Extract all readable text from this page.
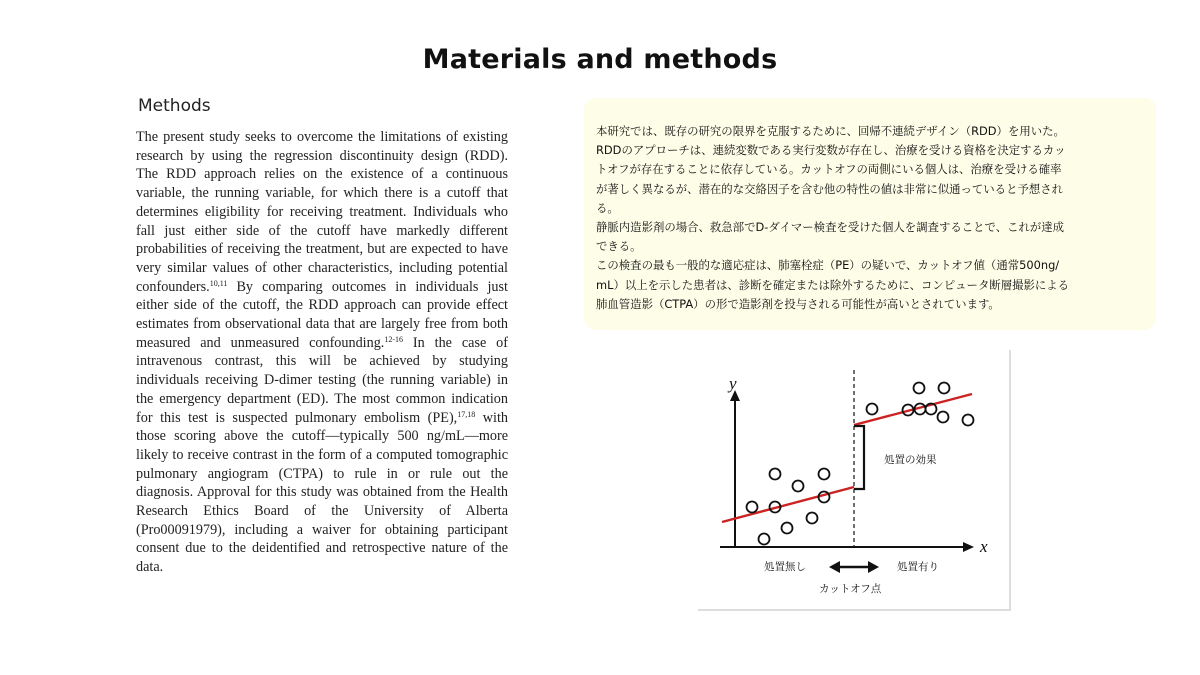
Materials and methods
Methods

The present study seeks to overcome the limitations of existing research by using the regression discontinuity design (RDD). The RDD approach relies on the existence of a continuous variable, the running variable, for which there is a cutoff that determines eligibility for receiving treatment. Individuals who fall just either side of the cutoff have markedly different probabilities of receiving the treatment, but are expected to have very similar values of other characteristics, including potential confounders.$^{10,11}$ By comparing outcomes in individuals just either side of the cutoff, the RDD approach can provide effect estimates from observational data that are largely free from both measured and unmeasured confounding.$^{12-16}$ In the case of intravenous contrast, this will be achieved by studying individuals receiving D-dimer testing (the running variable) in the emergency department (ED). The most common indication for this test is suspected pulmonary embolism (PE),$^{17,18}$ with those scoring above the cutoff—typically 500 ng/mL—more likely to receive contrast in the form of a computed tomographic pulmonary angiogram (CTPA) to rule in or rule out the diagnosis. Approval for this study was obtained from the Health Research Ethics Board of the University of Alberta (Pro00091979), including a waiver for obtaining participant consent due to the deidentified and retrospective nature of the data.

本研究では、既存の研究の限界を克服するために、回帰不連続デザイン（RDD）を用いた。
RDDのアプローチは、連続変数である実行変数が存在し、治療を受ける資格を決定するカッ
トオフが存在することに依存している。カットオフの両側にいる個人は、治療を受ける確率
が著しく異なるが、潜在的な交絡因子を含む他の特性の値は非常に似通っていると予想され
る。
静脈内造影剤の場合、救急部でD-ダイマー検査を受けた個人を調査することで、これが達成
できる。
この検査の最も一般的な適応症は、肺塞栓症（PE）の疑いで、カットオフ値（通常500ng/
mL）以上を示した患者は、診断を確定または除外するために、コンピュータ断層撮影による
肺血管造影（CTPA）の形で造影剤を投与される可能性が高いとされています。
y
x
処置の効果
処置無し	処置有り
カットオフ点
